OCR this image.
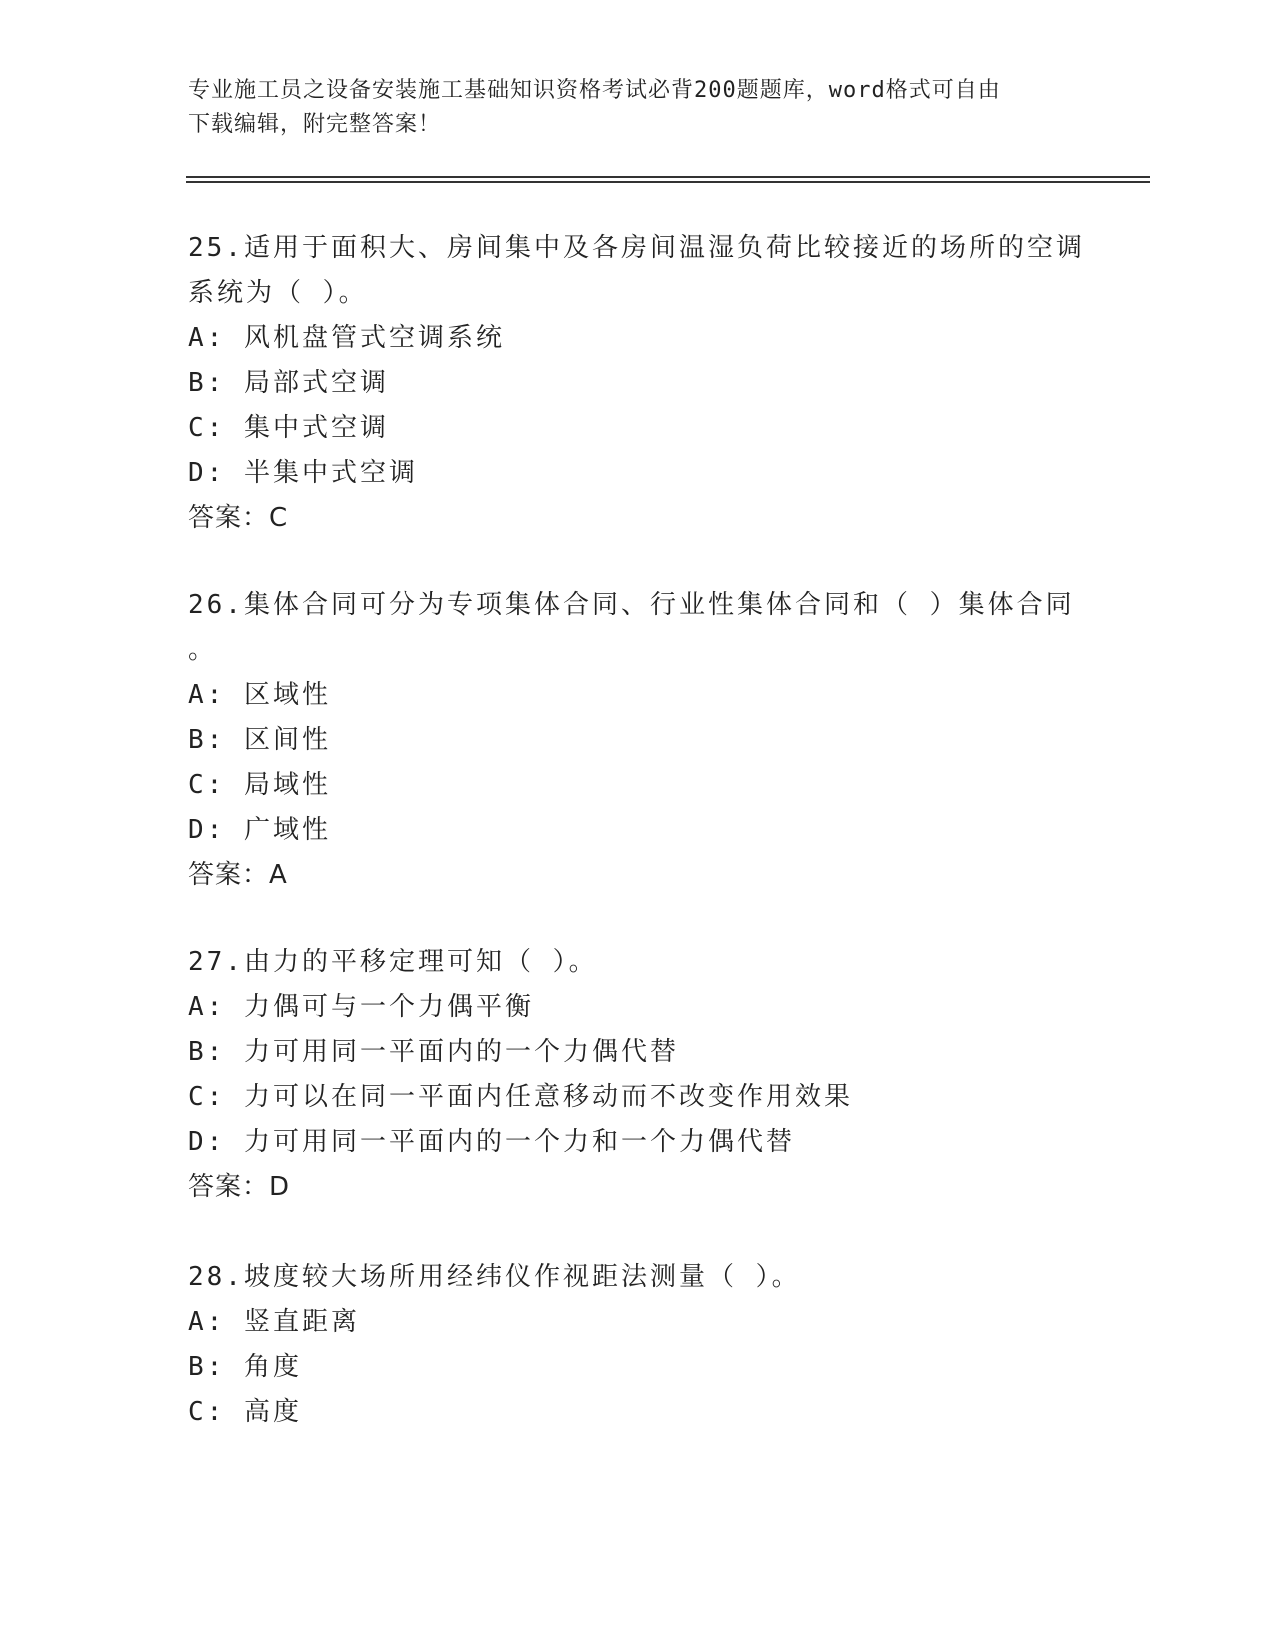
专业施工员之设备安装施工基础知识资格考试必背200题题库，word格式可自由
下载编辑，附完整答案！
25.适用于面积大、房间集中及各房间温湿负荷比较接近的场所的空调
系统为（ ）。
A: 风机盘管式空调系统
B: 局部式空调
C: 集中式空调
D: 半集中式空调
答案：C
26.集体合同可分为专项集体合同、行业性集体合同和（ ）集体合同
。
A: 区域性
B: 区间性
C: 局域性
D: 广域性
答案：A
27.由力的平移定理可知（ ）。
A: 力偶可与一个力偶平衡
B: 力可用同一平面内的一个力偶代替
C: 力可以在同一平面内任意移动而不改变作用效果
D: 力可用同一平面内的一个力和一个力偶代替
答案：D
28.坡度较大场所用经纬仪作视距法测量（ ）。
A: 竖直距离
B: 角度
C: 高度
